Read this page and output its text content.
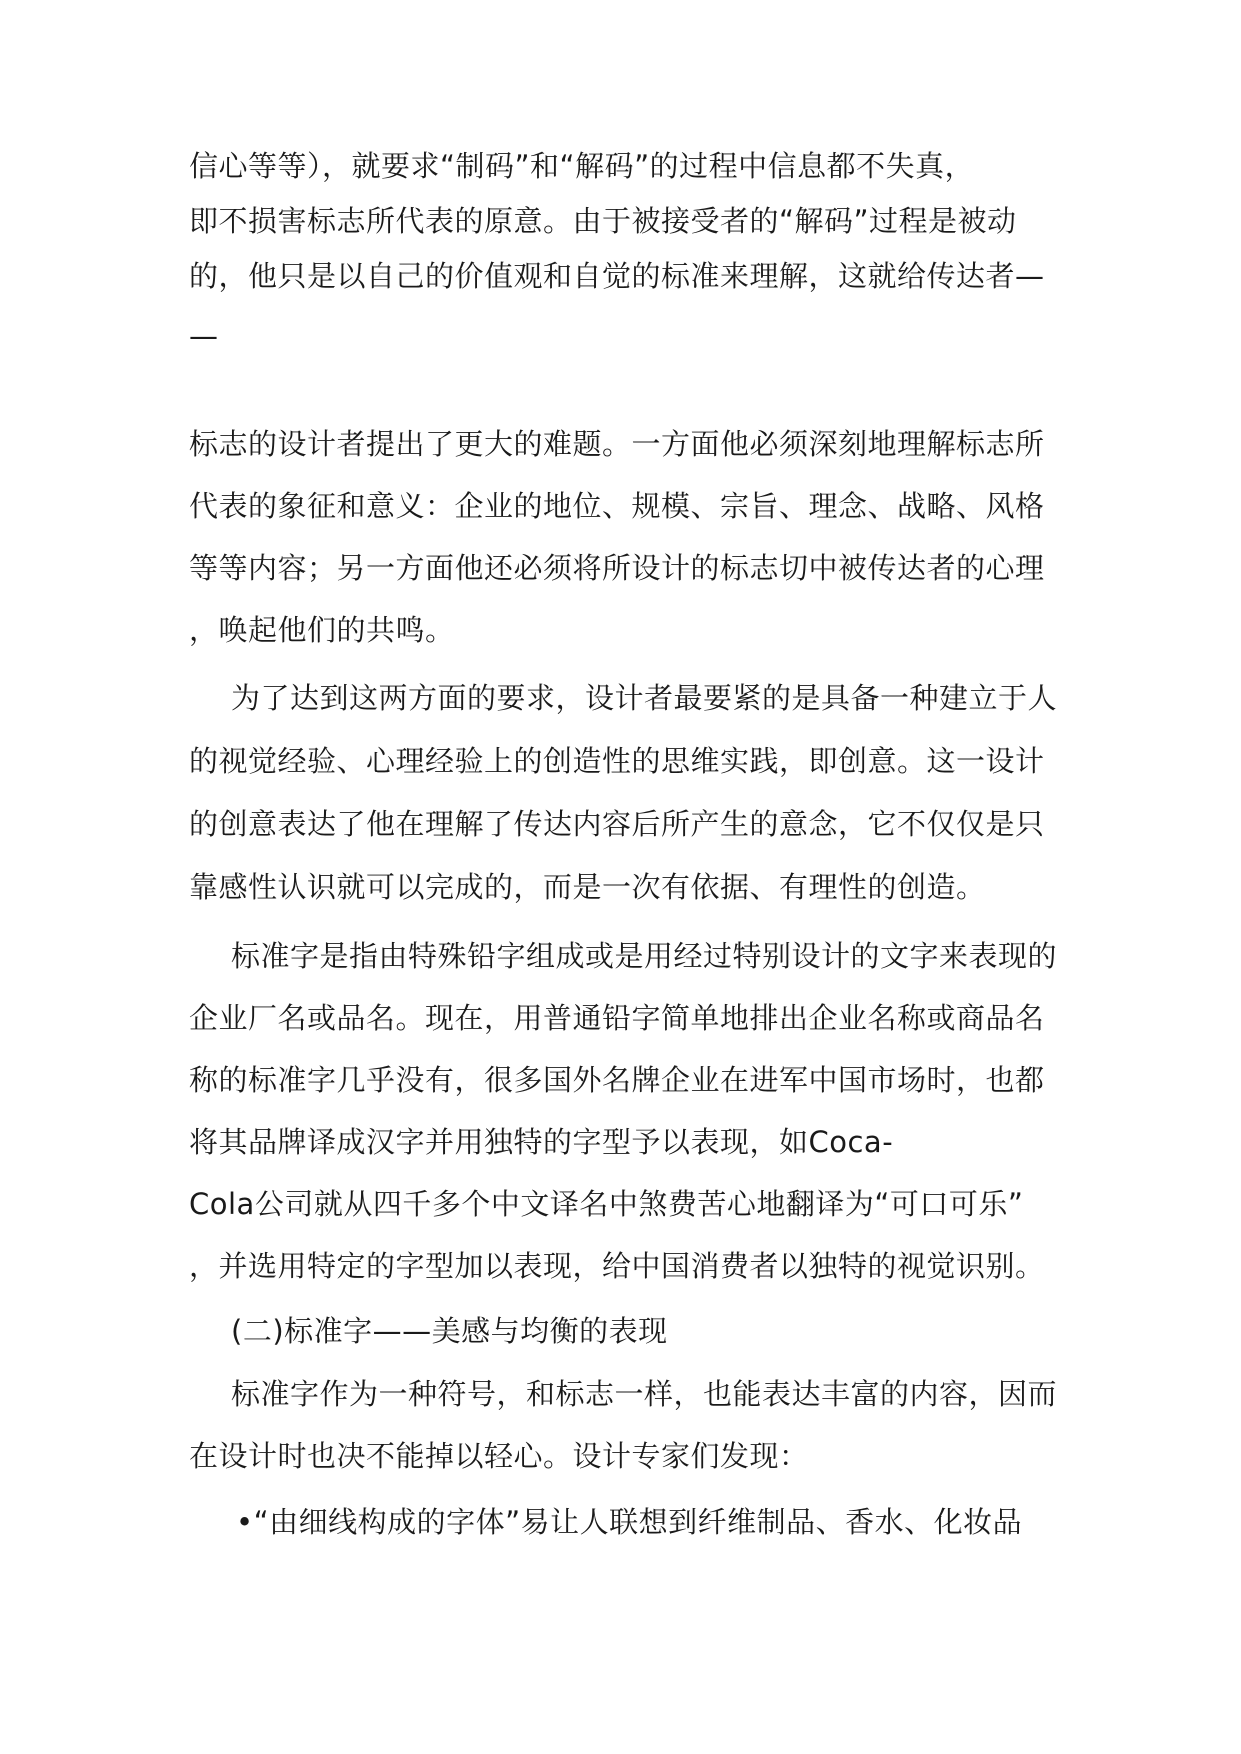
信心等等），就要求“制码”和“解码”的过程中信息都不失真，
即不损害标志所代表的原意。由于被接受者的“解码”过程是被动
的，他只是以自己的价值观和自觉的标准来理解，这就给传达者—
—
标志的设计者提出了更大的难题。一方面他必须深刻地理解标志所
代表的象征和意义：企业的地位、规模、宗旨、理念、战略、风格
等等内容；另一方面他还必须将所设计的标志切中被传达者的心理
，唤起他们的共鸣。
为了达到这两方面的要求，设计者最要紧的是具备一种建立于人
的视觉经验、心理经验上的创造性的思维实践，即创意。这一设计
的创意表达了他在理解了传达内容后所产生的意念，它不仅仅是只
靠感性认识就可以完成的，而是一次有依据、有理性的创造。
标准字是指由特殊铅字组成或是用经过特别设计的文字来表现的
企业厂名或品名。现在，用普通铅字简单地排出企业名称或商品名
称的标准字几乎没有，很多国外名牌企业在进军中国市场时，也都
将其品牌译成汉字并用独特的字型予以表现，如Coca-
Cola公司就从四千多个中文译名中煞费苦心地翻译为“可口可乐”
，并选用特定的字型加以表现，给中国消费者以独特的视觉识别。
(二)标准字——美感与均衡的表现
标准字作为一种符号，和标志一样，也能表达丰富的内容，因而
在设计时也决不能掉以轻心。设计专家们发现：
•“由细线构成的字体”易让人联想到纤维制品、香水、化妆品
